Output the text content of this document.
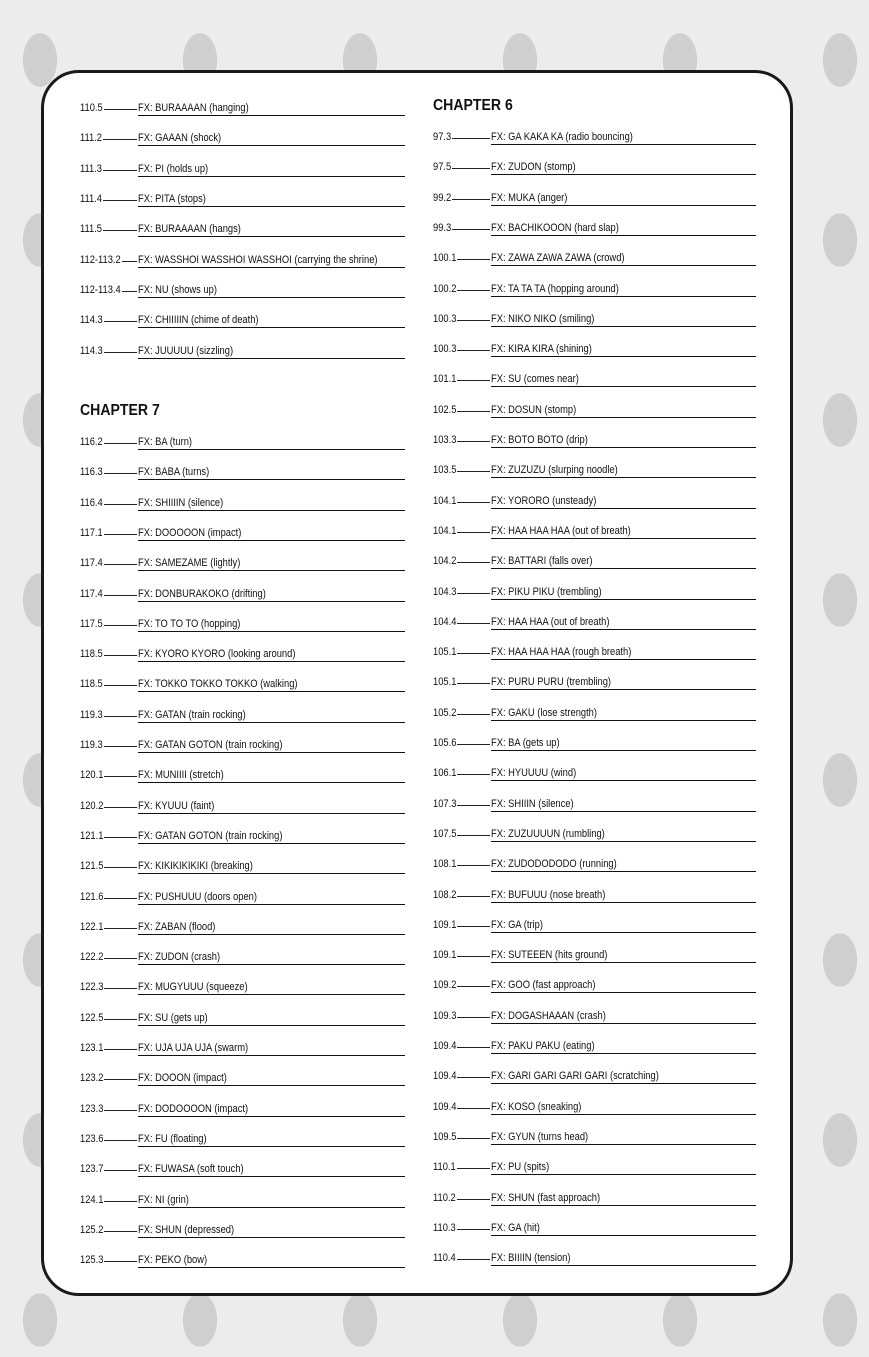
110.5	FX: BURAAAAN (hanging)
111.2	FX: GAAAN (shock)
111.3	FX: PI (holds up)
111.4	FX: PITA (stops)
111.5	FX: BURAAAAN (hangs)
112-113.2 FX: WASSHOI WASSHOI WASSHOI (carrying the shrine)
112-113.4 FX: NU (shows up)
114.3	FX: CHIIIIIN (chime of death)
114.3	FX: JUUUUU (sizzling)
CHAPTER 7
116.2	FX: BA (turn)
116.3	FX: BABA (turns)
116.4	FX: SHIIIIN (silence)
117.1	FX: DOOOOON (impact)
117.4	FX: SAMEZAME (lightly)
117.4	FX: DONBURAKOKO (drifting)
117.5	FX: TO TO TO (hopping)
118.5	FX: KYORO KYORO (looking around)
118.5	FX: TOKKO TOKKO TOKKO (walking)
119.3	FX: GATAN (train rocking)
119.3	FX: GATAN GOTON (train rocking)
120.1	FX: MUNIIII (stretch)
120.2	FX: KYUUU (faint)
121.1	FX: GATAN GOTON (train rocking)
121.5	FX: KIKIKIKIKIKI (breaking)
121.6	FX: PUSHUUU (doors open)
122.1	FX: ZABAN (flood)
122.2	FX: ZUDON (crash)
122.3	FX: MUGYUUU (squeeze)
122.5	FX: SU (gets up)
123.1	FX: UJA UJA UJA (swarm)
123.2	FX: DOOON (impact)
123.3	FX: DODOOOON (impact)
123.6	FX: FU (floating)
123.7	FX: FUWASA (soft touch)
124.1	FX: NI (grin)
125.2	FX: SHUN (depressed)
125.3	FX: PEKO (bow)
CHAPTER 6
97.3	FX: GA KAKA KA (radio bouncing)
97.5	FX: ZUDON (stomp)
99.2	FX: MUKA (anger)
99.3	FX: BACHIKOOON (hard slap)
100.1	FX: ZAWA ZAWA ZAWA (crowd)
100.2	FX: TA TA TA (hopping around)
100.3	FX: NIKO NIKO (smiling)
100.3	FX: KIRA KIRA (shining)
101.1	FX: SU (comes near)
102.5	FX: DOSUN (stomp)
103.3	FX: BOTO BOTO (drip)
103.5	FX: ZUZUZU (slurping noodle)
104.1	FX: YORORO (unsteady)
104.1	FX: HAA HAA HAA (out of breath)
104.2	FX: BATTARI (falls over)
104.3	FX: PIKU PIKU (trembling)
104.4	FX: HAA HAA (out of breath)
105.1	FX: HAA HAA HAA (rough breath)
105.1	FX: PURU PURU (trembling)
105.2	FX: GAKU (lose strength)
105.6	FX: BA (gets up)
106.1	FX: HYUUUU (wind)
107.3	FX: SHIIIN (silence)
107.5	FX: ZUZUUUUN (rumbling)
108.1	FX: ZUDODODODO (running)
108.2	FX: BUFUUU (nose breath)
109.1	FX: GA (trip)
109.1	FX: SUTEEEN (hits ground)
109.2	FX: GOO (fast approach)
109.3	FX: DOGASHAAAN (crash)
109.4	FX: PAKU PAKU (eating)
109.4	FX: GARI GARI GARI GARI (scratching)
109.4	FX: KOSO (sneaking)
109.5	FX: GYUN (turns head)
110.1	FX: PU (spits)
110.2	FX: SHUN (fast approach)
110.3	FX: GA (hit)
110.4	FX: BIIIIN (tension)
